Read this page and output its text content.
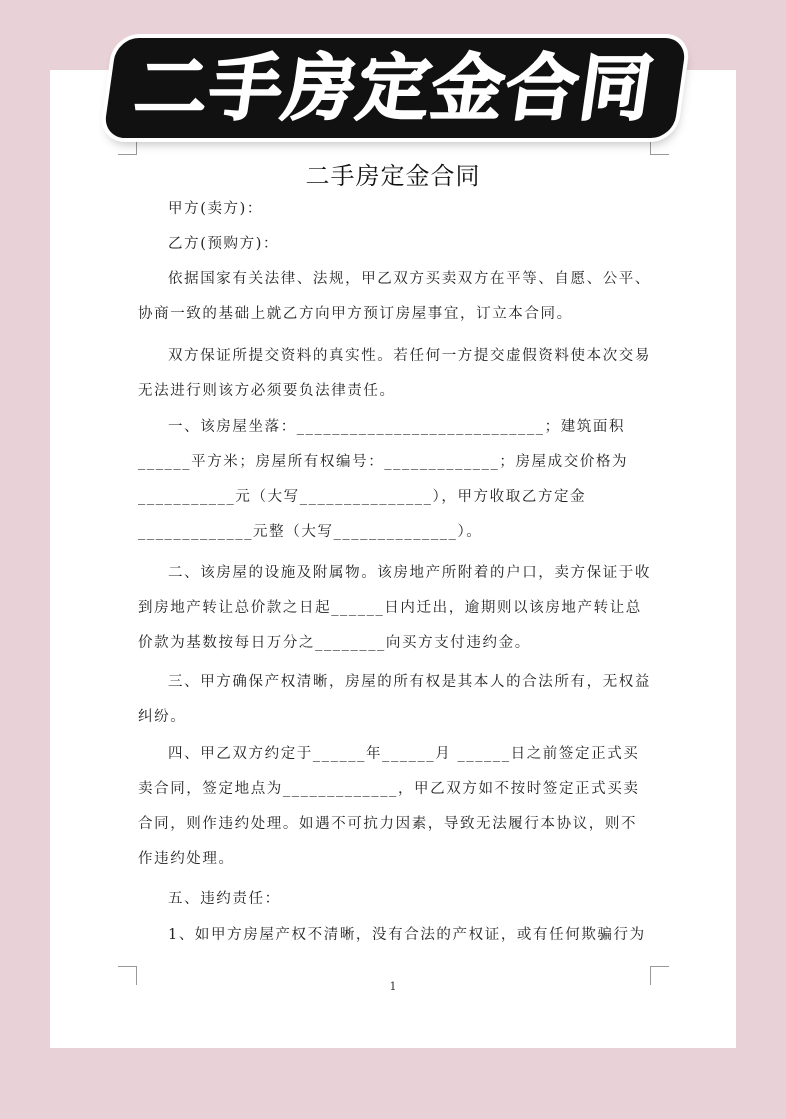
二手房定金合同
二手房定金合同
甲方(卖方)：
乙方(预购方)：
依据国家有关法律、法规，甲乙双方买卖双方在平等、自愿、公平、协商一致的基础上就乙方向甲方预订房屋事宜，订立本合同。
双方保证所提交资料的真实性。若任何一方提交虚假资料使本次交易无法进行则该方必须要负法律责任。
一、该房屋坐落：____________________________；建筑面积______平方米；房屋所有权编号：_____________；房屋成交价格为___________元（大写_______________），甲方收取乙方定金_____________元整（大写______________）。
二、该房屋的设施及附属物。该房地产所附着的户口，卖方保证于收到房地产转让总价款之日起______日内迁出，逾期则以该房地产转让总价款为基数按每日万分之________向买方支付违约金。
三、甲方确保产权清晰，房屋的所有权是其本人的合法所有，无权益纠纷。
四、甲乙双方约定于______年______月 ______日之前签定正式买卖合同，签定地点为_____________，甲乙双方如不按时签定正式买卖合同，则作违约处理。如遇不可抗力因素，导致无法履行本协议，则不作违约处理。
五、违约责任：
1、如甲方房屋产权不清晰，没有合法的产权证，或有任何欺骗行为
1
